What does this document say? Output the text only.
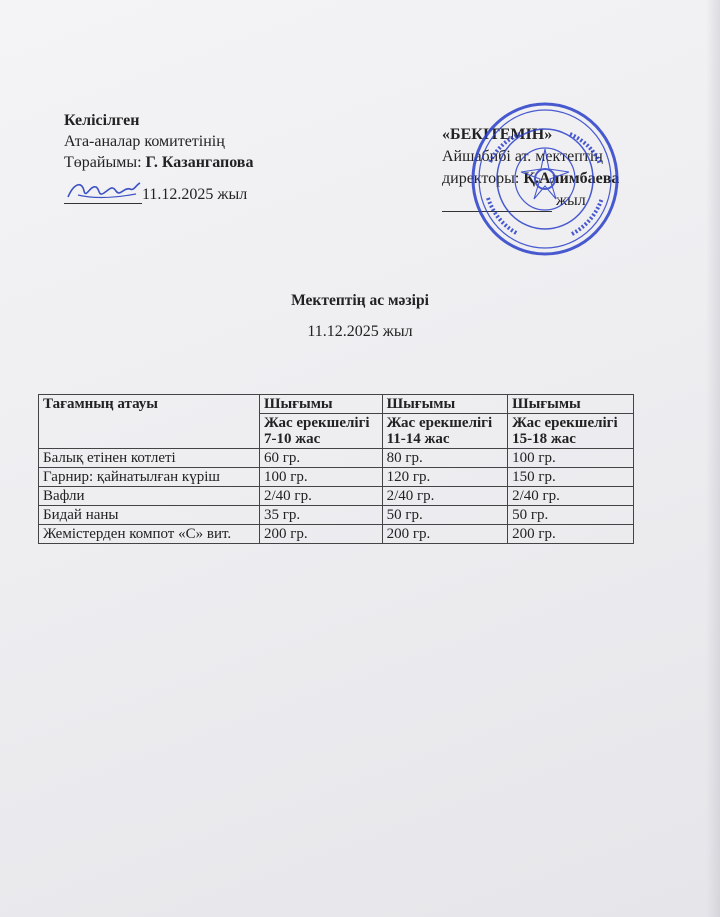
Келісілген
Ата-аналар комитетінің
Төрайымы: Г. Казангапова
11.12.2025 жыл
«БЕКІТЕМІН»
Айшабибі ат. мектептің
директоры: Қ.Алимбаева
жыл
Мектептің ас мәзірі
11.12.2025 жыл
Тағамның атауы	Шығымы	Шығымы	Шығымы
	Жас ерекшелігі 7-10 жас	Жас ерекшелігі 11-14 жас	Жас ерекшелігі 15-18 жас
Балық етінен котлеті	60 гр.	80 гр.	100 гр.
Гарнир: қайнатылған күріш	100 гр.	120 гр.	150 гр.
Вафли	2/40 гр.	2/40 гр.	2/40 гр.
Бидай наны	35 гр.	50 гр.	50 гр.
Жемістерден компот «С» вит.	200 гр.	200 гр.	200 гр.
